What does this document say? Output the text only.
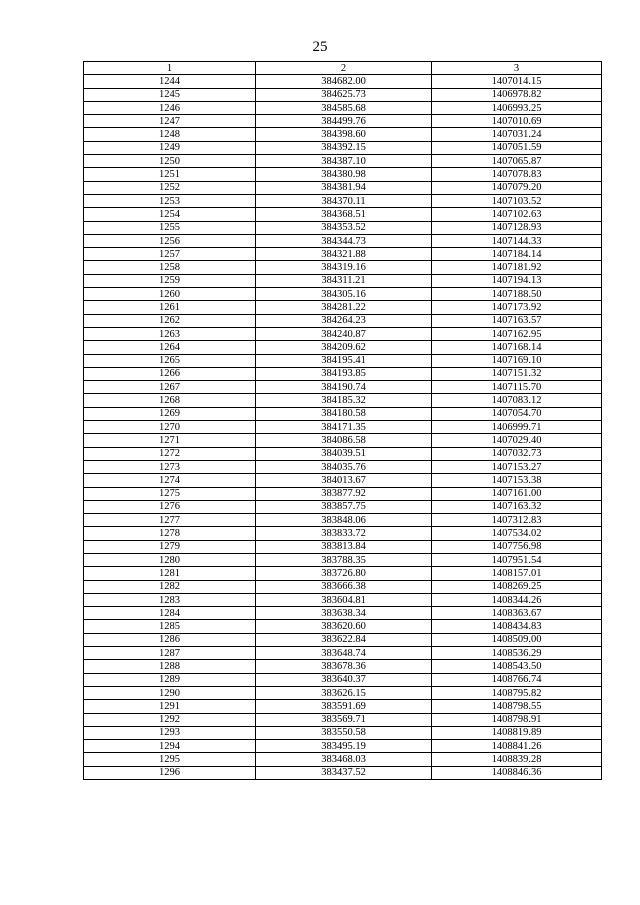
25
1	2	3
1244	384682.00	1407014.15
1245	384625.73	1406978.82
1246	384585.68	1406993.25
1247	384499.76	1407010.69
1248	384398.60	1407031.24
1249	384392.15	1407051.59
1250	384387.10	1407065.87
1251	384380.98	1407078.83
1252	384381.94	1407079.20
1253	384370.11	1407103.52
1254	384368.51	1407102.63
1255	384353.52	1407128.93
1256	384344.73	1407144.33
1257	384321.88	1407184.14
1258	384319.16	1407181.92
1259	384311.21	1407194.13
1260	384305.16	1407188.50
1261	384281.22	1407173.92
1262	384264.23	1407163.57
1263	384240.87	1407162.95
1264	384209.62	1407168.14
1265	384195.41	1407169.10
1266	384193.85	1407151.32
1267	384190.74	1407115.70
1268	384185.32	1407083.12
1269	384180.58	1407054.70
1270	384171.35	1406999.71
1271	384086.58	1407029.40
1272	384039.51	1407032.73
1273	384035.76	1407153.27
1274	384013.67	1407153.38
1275	383877.92	1407161.00
1276	383857.75	1407163.32
1277	383848.06	1407312.83
1278	383833.72	1407534.02
1279	383813.84	1407756.98
1280	383788.35	1407951.54
1281	383726.80	1408157.01
1282	383666.38	1408269.25
1283	383604.81	1408344.26
1284	383638.34	1408363.67
1285	383620.60	1408434.83
1286	383622.84	1408509.00
1287	383648.74	1408536.29
1288	383678.36	1408543.50
1289	383640.37	1408766.74
1290	383626.15	1408795.82
1291	383591.69	1408798.55
1292	383569.71	1408798.91
1293	383550.58	1408819.89
1294	383495.19	1408841.26
1295	383468.03	1408839.28
1296	383437.52	1408846.36
